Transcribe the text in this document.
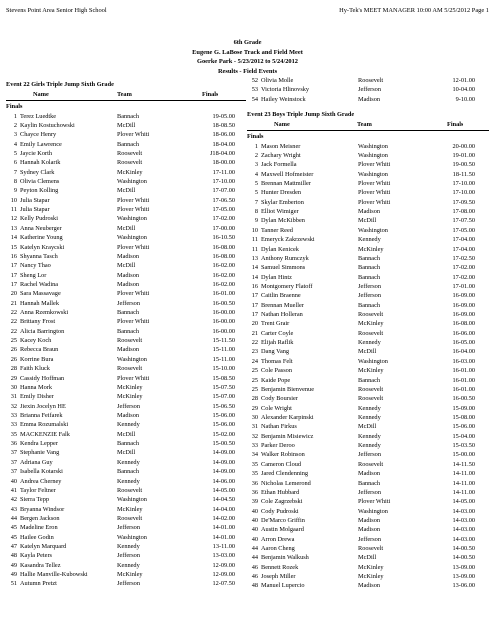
Stevens Point Area Senior High School	Hy-Tek's MEET MANAGER 10:00 AM 5/25/2012 Page 1
6th Grade
Eugene G. LaBose Track and Field Meet
Goerke Park - 5/23/2012 to 5/24/2012
Results - Field Events
Event 22 Girls Triple Jump Sixth Grade
Name	Team	Finals
Finals
1 Terez Luedtke	Bannach	19-05.00
2 Kaylin Kostuchowski	McDill	18-08.50
3 Chayce Henry	Plover Whiti	18-06.00
4 Emily Lawrence	Bannach	18-04.00
5 Jaycie Korth	Roosevelt	J18-04.00
6 Hannah Kolarik	Roosevelt	18-00.00
7 Sydney Clark	McKinley	17-11.00
8 Olivia Clemens	Washington	17-10.00
9 Peyton Kolling	McDill	17-07.00
10 Julia Stapar	Plover Whiti	17-06.50
11 Julia Stapar	Plover Whiti	17-05.00
12 Kelly Pudroski	Washington	17-02.00
13 Anna Neuberger	McDill	17-00.00
14 Katherine Young	Washington	16-10.50
15 Katelyn Kraycski	Plover Whiti	16-08.00
16 Shyanna Tasch	Madison	16-08.00
17 Nancy Thao	McDill	16-02.00
17 Sheng Lor	Madison	16-02.00
17 Rachel Wadina	Madison	16-02.00
20 Sara Massavage	Plover Whiti	16-01.00
21 Hannah Mallek	Jefferson	16-00.50
22 Anna Rzemkowski	Bannach	16-00.00
22 Brittany Frost	Plover Whiti	16-00.00
22 Alicia Barrington	Bannach	16-00.00
25 Kacey Koch	Roosevelt	15-11.50
26 Rebecca Braun	Madison	15-11.00
26 Korrine Bura	Washington	15-11.00
28 Faith Kluck	Roosevelt	15-10.00
29 Cassidy Hoffman	Plover Whiti	15-08.50
30 Hanna Mork	McKinley	15-07.50
31 Emily Disher	McKinley	15-07.00
32 Jiexin Jocelyn HE	Jefferson	15-06.50
33 Brianna Feifarek	Madison	15-06.00
33 Emma Rozumalski	Kennedy	15-06.00
35 MACKENZIE Falk	McDill	15-02.00
36 Kendra Lepper	Bannach	15-00.50
37 Stephanie Vang	McDill	14-09.00
37 Adriana Guy	Kennedy	14-09.00
37 Isabella Kotarski	Bannach	14-09.00
40 Andrea Cherney	Kennedy	14-06.00
41 Taylor Feltner	Roosevelt	14-05.00
42 Sierra Tepp	Washington	14-04.50
43 Bryanna Windsor	McKinley	14-04.00
44 Bergen Jackson	Roosevelt	14-02.00
45 Madeline Eron	Jefferson	14-01.00
45 Hailee Godin	Washington	14-01.00
47 Katelyn Marquard	Kennedy	13-11.00
48 Kayla Peters	Jefferson	13-03.00
49 Kasandra Tellez	Kennedy	12-09.00
49 Hallie Manville-Kubowski	McKinley	12-09.00
51 Autumn Pretzt	Jefferson	12-07.50
52 Olivia Molle	Roosevelt	12-01.00
53 Victoria Hlinovsky	Jefferson	10-04.00
54 Hailey Weinstock	Madison	9-10.00
Event 23 Boys Triple Jump Sixth Grade
Name	Team	Finals
Finals
1 Mason Meisner	Washington	20-00.00
2 Zachary Wright	Washington	19-01.00
3 Jack Formella	Plover Whiti	19-00.50
4 Maxwell Hofmeister	Washington	18-11.50
5 Brennan Mattmiller	Plover Whiti	17-10.00
5 Hunter Dresden	Plover Whiti	17-10.00
7 Skylar Emberton	Plover Whiti	17-09.50
8 Elliot Wimiger	Madison	17-08.00
9 Dylan McKibben	McDill	17-07.50
10 Tanner Reed	Washington	17-05.00
11 Emeryck Zakrzewski	Kennedy	17-04.00
11 Dylan Kenicek	McKinley	17-04.00
13 Anthony Rumczyk	Bannach	17-02.50
14 Samuel Simmons	Bannach	17-02.00
14 Dylan Hintz	Bannach	17-02.00
16 Montgomery Flatoff	Jefferson	17-01.00
17 Caitlin Braenne	Jefferson	16-09.00
17 Brennan Mueller	Bannach	16-09.00
17 Nathan Holleran	Roosevelt	16-09.00
20 Trent Grair	McKinley	16-08.00
21 Carter Coyle	Roosevelt	16-06.00
22 Elijah Raflik	Kennedy	16-05.00
23 Dang Vang	McDill	16-04.00
24 Thomas Felt	Washington	16-03.00
25 Cole Passon	McKinley	16-01.00
25 Kaide Pope	Bannach	16-01.00
25 Benjamin Bienvenue	Roosevelt	16-01.00
28 Cody Boursier	Roosevelt	16-00.50
29 Cole Wright	Kennedy	15-09.00
30 Alexander Karpinski	Kennedy	15-08.00
31 Nathan Firkus	McDill	15-06.00
32 Benjamin Misiewicz	Kennedy	15-04.00
33 Parker Deroo	Kennedy	15-03.50
34 Walker Robinson	Jefferson	15-00.00
35 Cameron Cloud	Roosevelt	14-11.50
35 Jared Clendenning	Madison	14-11.00
36 Nicholas Lemerond	Bannach	14-11.00
36 Ethan Hubbard	Jefferson	14-11.00
39 Cole Zagrzebski	Plover Whiti	14-05.00
40 Cody Pudroski	Washington	14-03.00
40 De'Marco Griffin	Madison	14-03.00
40 Austin Molgaard	Madison	14-03.00
40 Arron Drewa	Jefferson	14-03.00
44 Aaron Cheng	Roosevelt	14-00.50
44 Benjamin Walkush	McDill	14-00.50
46 Bennett Rozek	McKinley	13-09.00
46 Joseph Miller	McKinley	13-09.00
48 Manuel Lupercio	Madison	13-06.00
